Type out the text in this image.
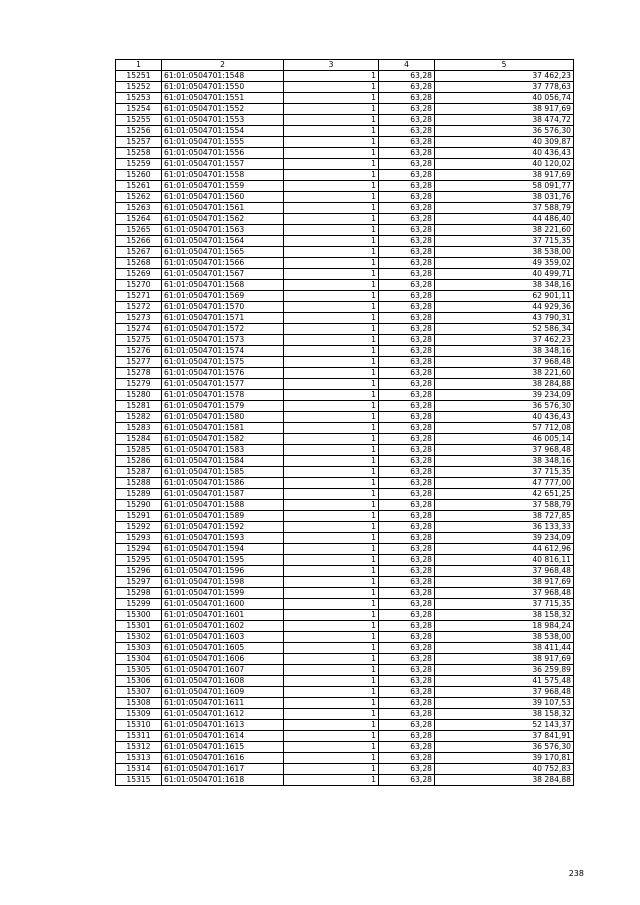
1	2	3	4	5
15251	61:01:0504701:1548	1	63,28	37 462,23
15252	61:01:0504701:1550	1	63,28	37 778,63
15253	61:01:0504701:1551	1	63,28	40 056,74
15254	61:01:0504701:1552	1	63,28	38 917,69
15255	61:01:0504701:1553	1	63,28	38 474,72
15256	61:01:0504701:1554	1	63,28	36 576,30
15257	61:01:0504701:1555	1	63,28	40 309,87
15258	61:01:0504701:1556	1	63,28	40 436,43
15259	61:01:0504701:1557	1	63,28	40 120,02
15260	61:01:0504701:1558	1	63,28	38 917,69
15261	61:01:0504701:1559	1	63,28	58 091,77
15262	61:01:0504701:1560	1	63,28	38 031,76
15263	61:01:0504701:1561	1	63,28	37 588,79
15264	61:01:0504701:1562	1	63,28	44 486,40
15265	61:01:0504701:1563	1	63,28	38 221,60
15266	61:01:0504701:1564	1	63,28	37 715,35
15267	61:01:0504701:1565	1	63,28	38 538,00
15268	61:01:0504701:1566	1	63,28	49 359,02
15269	61:01:0504701:1567	1	63,28	40 499,71
15270	61:01:0504701:1568	1	63,28	38 348,16
15271	61:01:0504701:1569	1	63,28	62 901,11
15272	61:01:0504701:1570	1	63,28	44 929,36
15273	61:01:0504701:1571	1	63,28	43 790,31
15274	61:01:0504701:1572	1	63,28	52 586,34
15275	61:01:0504701:1573	1	63,28	37 462,23
15276	61:01:0504701:1574	1	63,28	38 348,16
15277	61:01:0504701:1575	1	63,28	37 968,48
15278	61:01:0504701:1576	1	63,28	38 221,60
15279	61:01:0504701:1577	1	63,28	38 284,88
15280	61:01:0504701:1578	1	63,28	39 234,09
15281	61:01:0504701:1579	1	63,28	36 576,30
15282	61:01:0504701:1580	1	63,28	40 436,43
15283	61:01:0504701:1581	1	63,28	57 712,08
15284	61:01:0504701:1582	1	63,28	46 005,14
15285	61:01:0504701:1583	1	63,28	37 968,48
15286	61:01:0504701:1584	1	63,28	38 348,16
15287	61:01:0504701:1585	1	63,28	37 715,35
15288	61:01:0504701:1586	1	63,28	47 777,00
15289	61:01:0504701:1587	1	63,28	42 651,25
15290	61:01:0504701:1588	1	63,28	37 588,79
15291	61:01:0504701:1589	1	63,28	38 727,85
15292	61:01:0504701:1592	1	63,28	36 133,33
15293	61:01:0504701:1593	1	63,28	39 234,09
15294	61:01:0504701:1594	1	63,28	44 612,96
15295	61:01:0504701:1595	1	63,28	40 816,11
15296	61:01:0504701:1596	1	63,28	37 968,48
15297	61:01:0504701:1598	1	63,28	38 917,69
15298	61:01:0504701:1599	1	63,28	37 968,48
15299	61:01:0504701:1600	1	63,28	37 715,35
15300	61:01:0504701:1601	1	63,28	38 158,32
15301	61:01:0504701:1602	1	63,28	18 984,24
15302	61:01:0504701:1603	1	63,28	38 538,00
15303	61:01:0504701:1605	1	63,28	38 411,44
15304	61:01:0504701:1606	1	63,28	38 917,69
15305	61:01:0504701:1607	1	63,28	36 259,89
15306	61:01:0504701:1608	1	63,28	41 575,48
15307	61:01:0504701:1609	1	63,28	37 968,48
15308	61:01:0504701:1611	1	63,28	39 107,53
15309	61:01:0504701:1612	1	63,28	38 158,32
15310	61:01:0504701:1613	1	63,28	52 143,37
15311	61:01:0504701:1614	1	63,28	37 841,91
15312	61:01:0504701:1615	1	63,28	36 576,30
15313	61:01:0504701:1616	1	63,28	39 170,81
15314	61:01:0504701:1617	1	63,28	40 752,83
15315	61:01:0504701:1618	1	63,28	38 284,88
238
